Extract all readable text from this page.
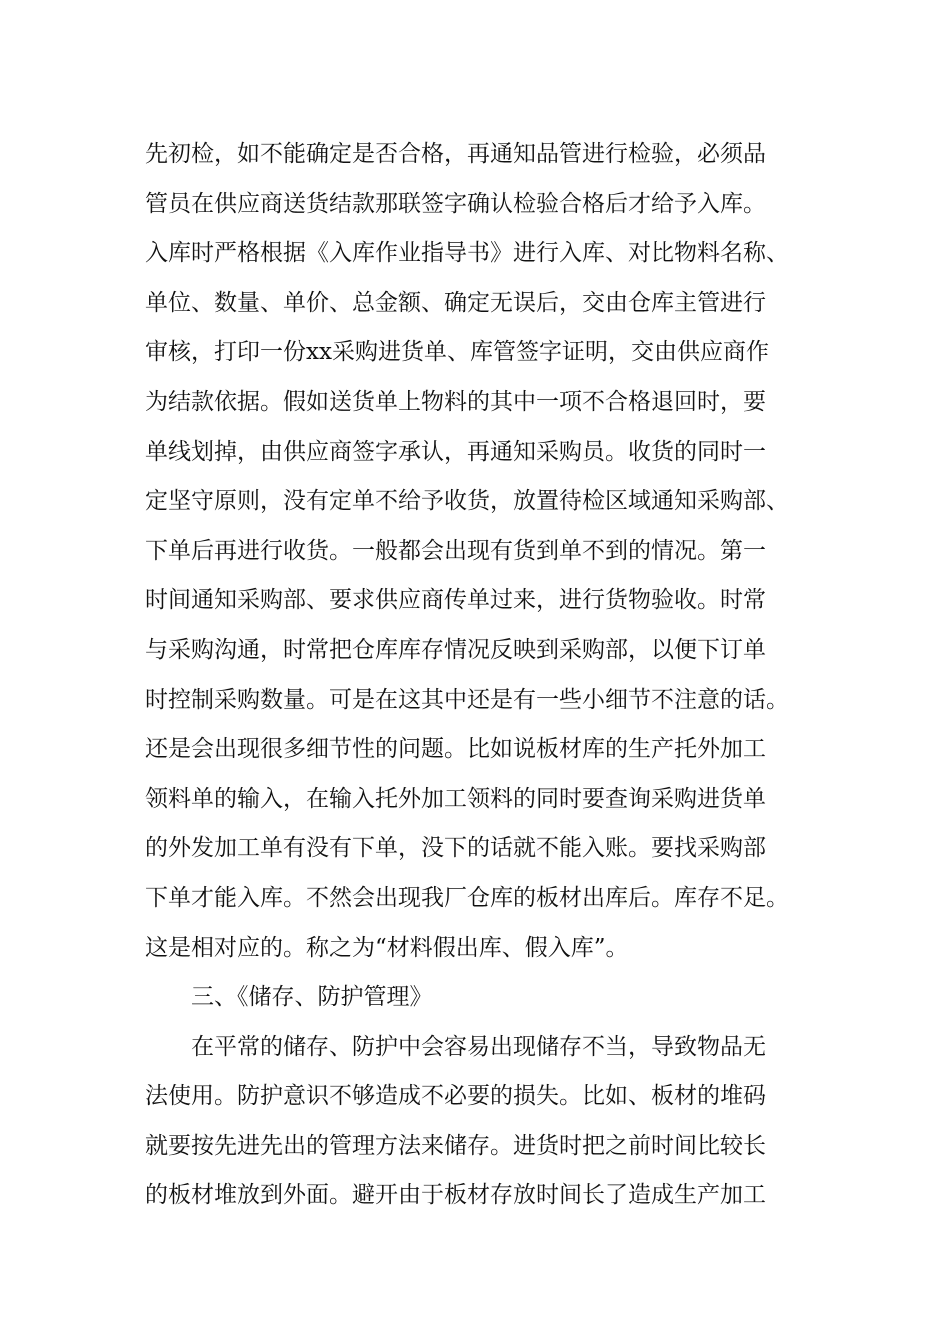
先初检，如不能确定是否合格，再通知品管进行检验，必须品
管员在供应商送货结款那联签字确认检验合格后才给予入库。
入库时严格根据《入库作业指导书》进行入库、对比物料名称、
单位、数量、单价、总金额、确定无误后，交由仓库主管进行
审核，打印一份xx采购进货单、库管签字证明，交由供应商作
为结款依据。假如送货单上物料的其中一项不合格退回时，要
单线划掉，由供应商签字承认，再通知采购员。收货的同时一
定坚守原则，没有定单不给予收货，放置待检区域通知采购部、
下单后再进行收货。一般都会出现有货到单不到的情况。第一
时间通知采购部、要求供应商传单过来，进行货物验收。时常
与采购沟通，时常把仓库库存情况反映到采购部，以便下订单
时控制采购数量。可是在这其中还是有一些小细节不注意的话。
还是会出现很多细节性的问题。比如说板材库的生产托外加工
领料单的输入，在输入托外加工领料的同时要查询采购进货单
的外发加工单有没有下单，没下的话就不能入账。要找采购部
下单才能入库。不然会出现我厂仓库的板材出库后。库存不足。
这是相对应的。称之为“材料假出库、假入库”。
三、《储存、防护管理》
在平常的储存、防护中会容易出现储存不当，导致物品无
法使用。防护意识不够造成不必要的损失。比如、板材的堆码
就要按先进先出的管理方法来储存。进货时把之前时间比较长
的板材堆放到外面。避开由于板材存放时间长了造成生产加工
